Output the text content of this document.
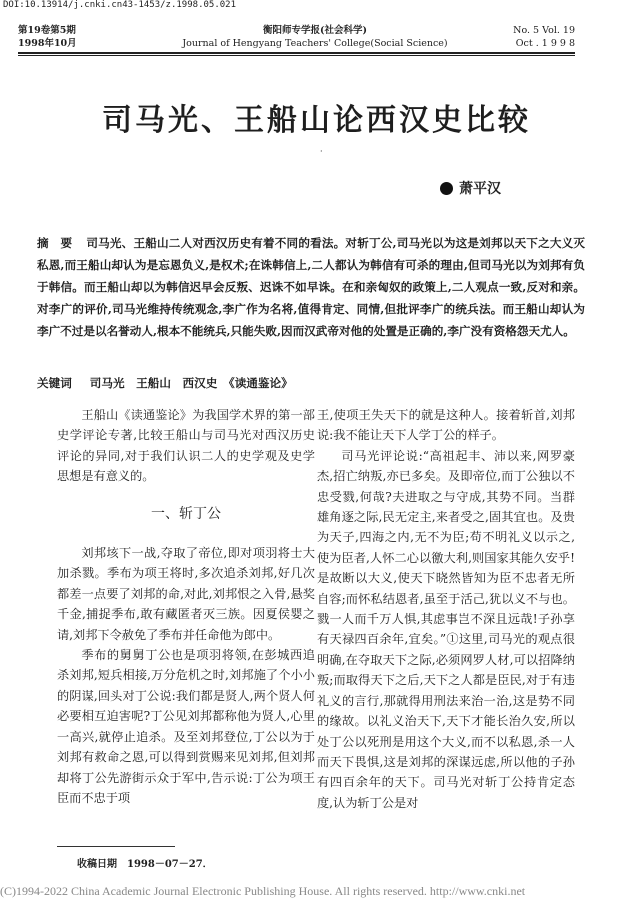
DOI:10.13914/j.cnki.cn43-1453/z.1998.05.021
第19卷第5期
1998年10月
衡阳师专学报(社会科学)
Journal of Hengyang Teachers' College(Social Science)
No. 5 Vol. 19
Oct . 1 9 9 8
司马光、王船山论西汉史比较
·
萧平汉
摘　要 司马光、王船山二人对西汉历史有着不同的看法。对斩丁公,司马光以为这是刘邦以天下之大义灭私恩,而王船山却认为是忘恩负义,是权术;在诛韩信上,二人都认为韩信有可杀的理由,但司马光以为刘邦有负于韩信。而王船山却以为韩信迟早会反叛、迟诛不如早诛。在和亲匈奴的政策上,二人观点一致,反对和亲。对李广的评价,司马光维持传统观念,李广作为名将,值得肯定、同情,但批评李广的统兵法。而王船山却认为李广不过是以名誉动人,根本不能统兵,只能失败,因而汉武帝对他的处置是正确的,李广没有资格怨天尤人。
关键词 司马光　王船山　西汉史　《读通鉴论》

王船山《读通鉴论》为我国学术界的第一部史学评论专著,比较王船山与司马光对西汉历史评论的异同,对于我们认识二人的史学观及史学思想是有意义的。

一、斩丁公

刘邦垓下一战,夺取了帝位,即对项羽将士大加杀戮。季布为项王将时,多次追杀刘邦,好几次都差一点要了刘邦的命,对此,刘邦恨之入骨,悬奖千金,捕捉季布,敢有藏匿者灭三族。因夏侯婴之请,刘邦下令赦免了季布并任命他为郎中。

季布的舅舅丁公也是项羽将领,在彭城西追杀刘邦,短兵相接,万分危机之时,刘邦施了个小小的阴谋,回头对丁公说:我们都是贤人,两个贤人何必要相互迫害呢?丁公见刘邦都称他为贤人,心里一高兴,就停止追杀。及至刘邦登位,丁公以为于刘邦有救命之恩,可以得到赏赐来见刘邦,但刘邦却将丁公先游街示众于军中,告示说:丁公为项王臣而不忠于项

王,使项王失天下的就是这种人。接着斩首,刘邦说:我不能让天下人学丁公的样子。

司马光评论说:“高祖起丰、沛以来,网罗豪杰,招亡纳叛,亦已多矣。及即帝位,而丁公独以不忠受戮,何哉?夫进取之与守成,其势不同。当群雄角逐之际,民无定主,来者受之,固其宜也。及贵为天子,四海之内,无不为臣;苟不明礼义以示之,使为臣者,人怀二心以徼大利,则国家其能久安乎!是故断以大义,使天下晓然皆知为臣不忠者无所自容;而怀私结恩者,虽至于活己,犹以义不与也。戮一人而千万人惧,其虑事岂不深且远哉!子孙享有天禄四百余年,宜矣。”①这里,司马光的观点很明确,在夺取天下之际,必须网罗人材,可以招降纳叛;而取得天下之后,天下之人都是臣民,对于有违礼义的言行,那就得用刑法来治一治,这是势不同的缘故。以礼义治天下,天下才能长治久安,所以处丁公以死刑是用这个大义,而不以私恩,杀一人而天下畏惧,这是刘邦的深谋远虑,所以他的子孙有四百余年的天下。司马光对斩丁公持肯定态度,认为斩丁公是对

收稿日期　1998－07－27．
(C)1994-2022 China Academic Journal Electronic Publishing House. All rights reserved. http://www.cnki.net
